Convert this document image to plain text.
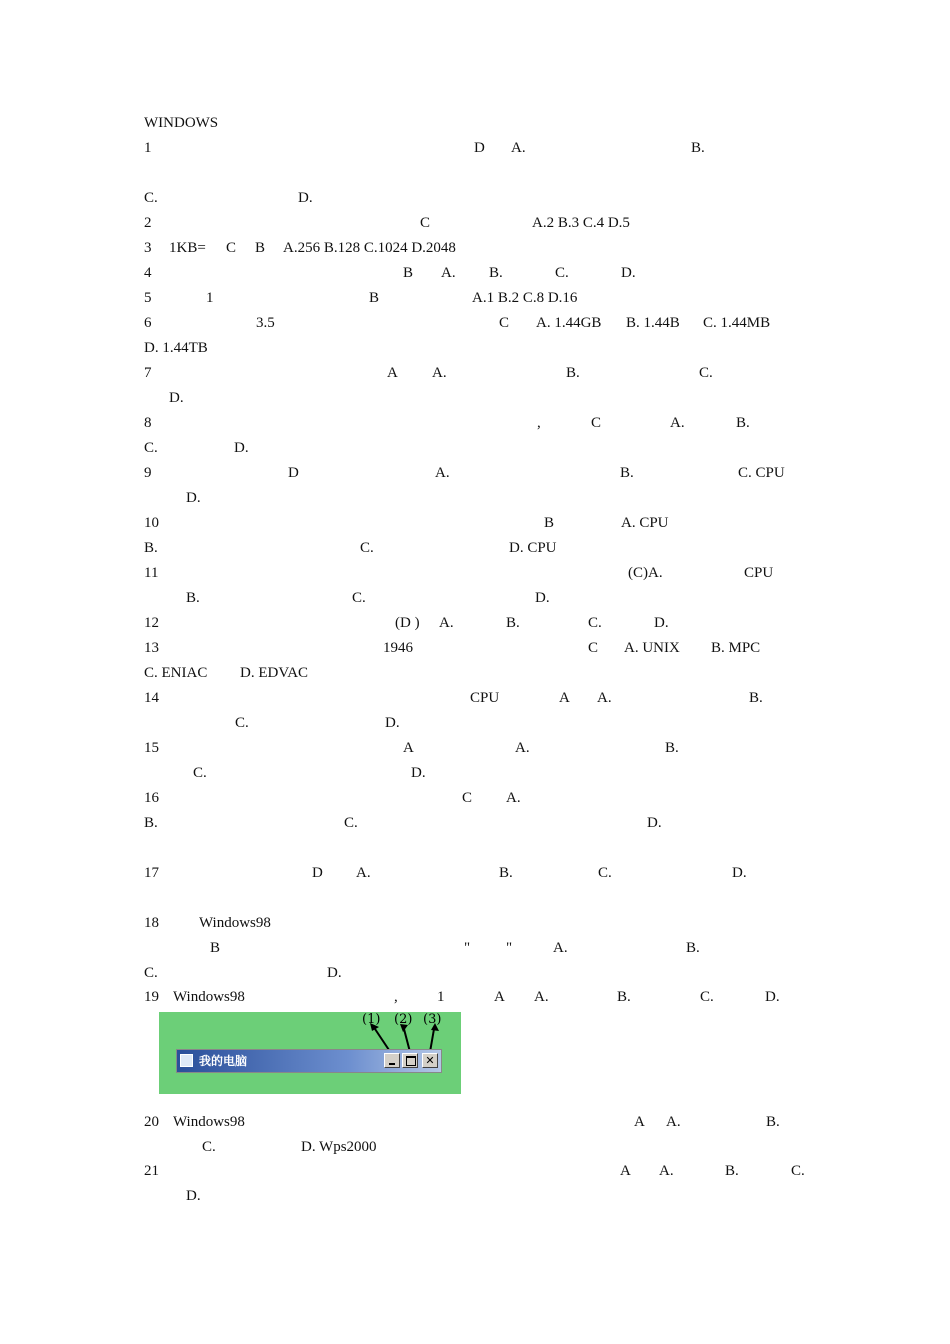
WINDOWS
1	D A.	B.
C.	D.
2	C	A.2 B.3 C.4 D.5
3 1KB= C B A.256 B.128 C.1024 D.2048
4	B A. B.	C.	D.
5	1	B	A.1 B.2 C.8 D.16
6	3.5	C A. 1.44GB B. 1.44B C. 1.44MB
D. 1.44TB
7	A A.	B.	C.
D.
8	,	C	A.	B.
C.	D.
9	D	A.	B.	C. CPU
D.
10	B	A. CPU
B.	C.	D. CPU
11	(C)A.	CPU
B.	C.	D.
12	(D ) A.	B.	C.	D.
13	1946	C A. UNIX B. MPC
C. ENIAC D. EDVAC
14	CPU	A A.	B.
C.	D.
15	A	A.	B.
C.	D.
16	C A.
B.	C.	D.
17	D A.	B.	C.	D.
18	Windows98
B	" "	A.	B.
C.	D.
19 Windows98	,	1	A A.	B.	C.	D.
20 Windows98	A A.	B.
C.	D. Wps2000
21	A A.	B.	C.
D.
(1) (2) (3)
我的电脑	✕
